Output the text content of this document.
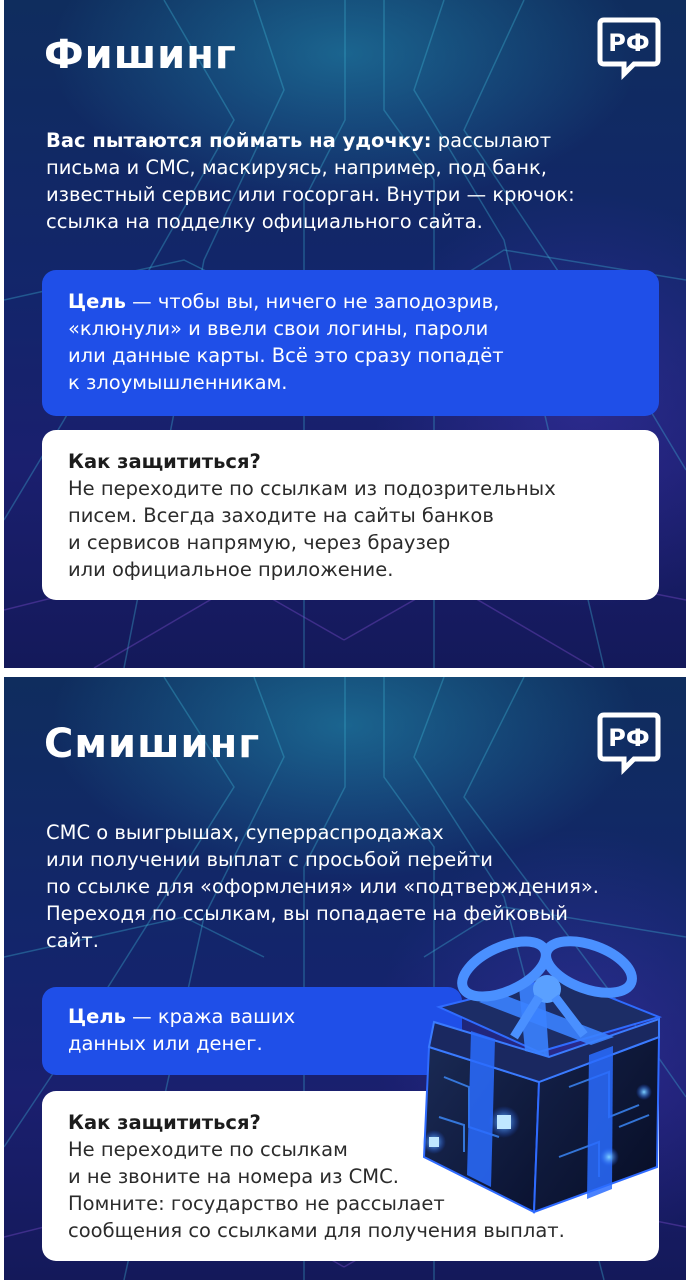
Фишинг	РФ
Вас пытаются поймать на удочку: рассылают
письма и СМС, маскируясь, например, под банк,
известный сервис или госорган. Внутри — крючок:
ссылка на подделку официального сайта.
Цель — чтобы вы, ничего не заподозрив,
«клюнули» и ввели свои логины, пароли
или данные карты. Всё это сразу попадёт
к злоумышленникам.
Как защититься?
Не переходите по ссылкам из подозрительных
писем. Всегда заходите на сайты банков
и сервисов напрямую, через браузер
или официальное приложение.
Смишинг	РФ
СМС о выигрышах, суперраспродажах
или получении выплат с просьбой перейти
по ссылке для «оформления» или «подтверждения».
Переходя по ссылкам, вы попадаете на фейковый
сайт.
Цель — кража ваших
данных или денег.
Как защититься?
Не переходите по ссылкам
и не звоните на номера из СМС.
Помните: государство не рассылает
сообщения со ссылками для получения выплат.
